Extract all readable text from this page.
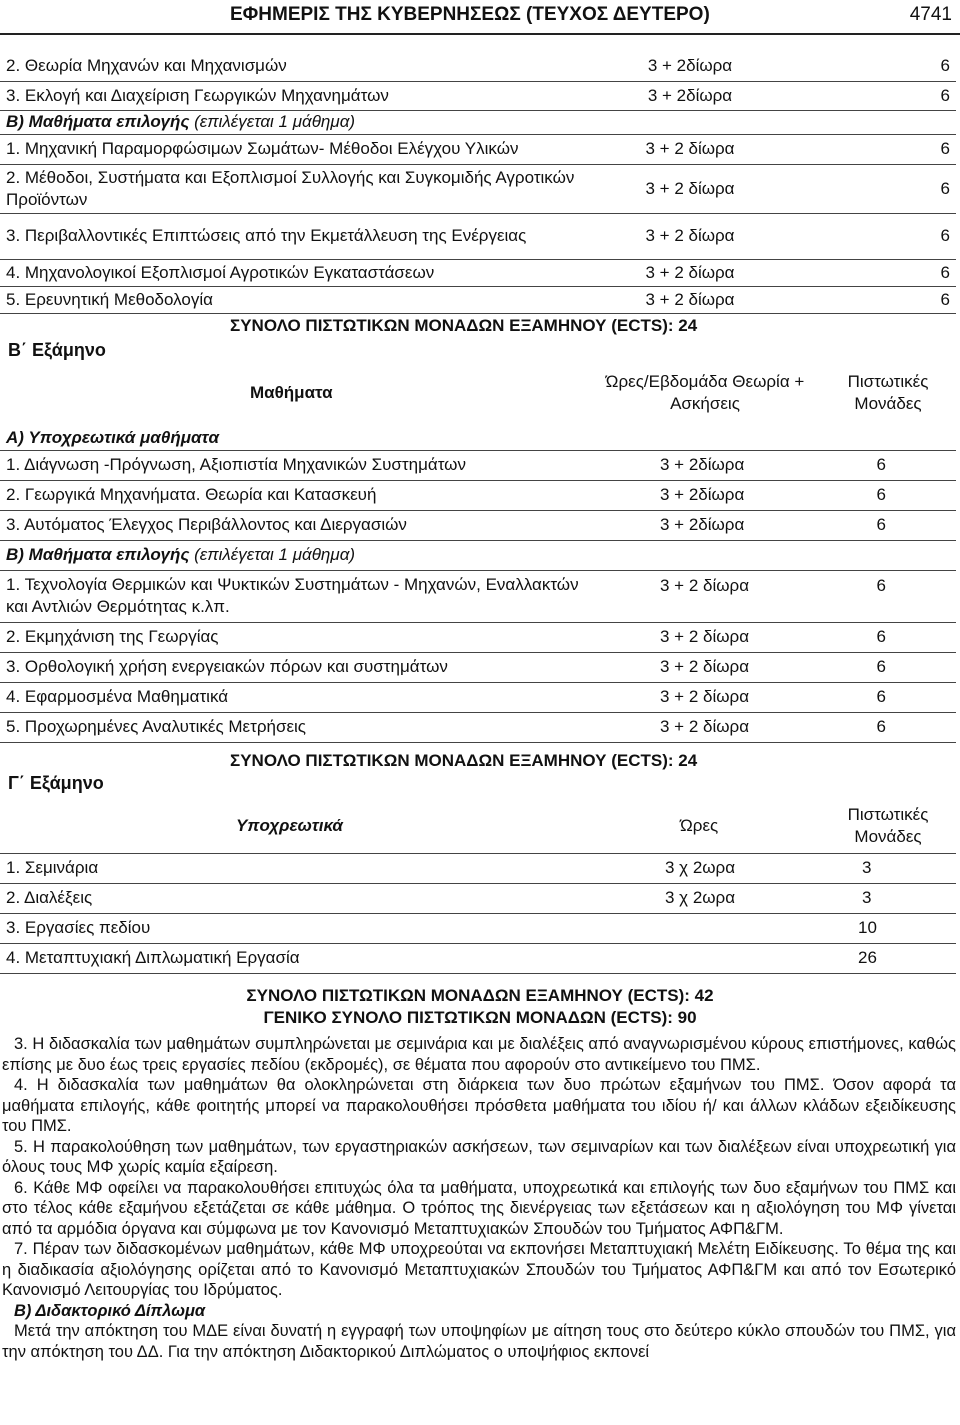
ΕΦΗΜΕΡΙΣ ΤΗΣ ΚΥΒΕΡΝΗΣΕΩΣ (ΤΕΥΧΟΣ ΔΕΥΤΕΡΟ)	4741
2. Θεωρία Μηχανών και Μηχανισμών	3 + 2δίωρα	6
3. Εκλογή και Διαχείριση Γεωργικών Μηχανημάτων	3 + 2δίωρα	6
Β) Μαθήματα επιλογής (επιλέγεται 1 μάθημα)		
1. Μηχανική Παραμορφώσιμων Σωμάτων- Μέθοδοι Ελέγχου Υλικών	3 + 2 δίωρα	6
2. Μέθοδοι, Συστήματα και Εξοπλισμοί Συλλογής και Συγκομιδής Αγροτικών Προϊόντων	3 + 2 δίωρα	6
3. Περιβαλλοντικές Επιπτώσεις από την Εκμετάλλευση της Ενέργειας	3 + 2 δίωρα	6
4. Μηχανολογικοί Εξοπλισμοί Αγροτικών Εγκαταστάσεων	3 + 2 δίωρα	6
5. Ερευνητική Μεθοδολογία	3 + 2 δίωρα	6
ΣΥΝΟΛΟ ΠΙΣΤΩΤΙΚΩΝ ΜΟΝΑΔΩΝ ΕΞΑΜΗΝΟΥ (ECTS): 24
Β΄ Εξάμηνο
Μαθήματα	Ώρες/Εβδομάδα Θεωρία + Ασκήσεις	Πιστωτικές Μονάδες
Α) Υποχρεωτικά μαθήματα		
1. Διάγνωση -Πρόγνωση, Αξιοπιστία Μηχανικών Συστημάτων	3 + 2δίωρα	6
2. Γεωργικά Μηχανήματα. Θεωρία και Κατασκευή	3 + 2δίωρα	6
3. Αυτόματος Έλεγχος Περιβάλλοντος και Διεργασιών	3 + 2δίωρα	6
Β) Μαθήματα επιλογής (επιλέγεται 1 μάθημα)		
1. Τεχνολογία Θερμικών και Ψυκτικών Συστημάτων - Μηχανών, Εναλλακτών και Αντλιών Θερμότητας κ.λπ.	3 + 2 δίωρα	6
2. Εκμηχάνιση της Γεωργίας	3 + 2 δίωρα	6
3. Ορθολογική χρήση ενεργειακών πόρων και συστημάτων	3 + 2 δίωρα	6
4. Εφαρμοσμένα Μαθηματικά	3 + 2 δίωρα	6
5. Προχωρημένες Αναλυτικές Μετρήσεις	3 + 2 δίωρα	6
ΣΥΝΟΛΟ ΠΙΣΤΩΤΙΚΩΝ ΜΟΝΑΔΩΝ ΕΞΑΜΗΝΟΥ (ECTS): 24
Γ΄ Εξάμηνο
Υποχρεωτικά	Ώρες	Πιστωτικές Μονάδες
1. Σεμινάρια	3 χ 2ωρα	3
2. Διαλέξεις	3 χ 2ωρα	3
3. Εργασίες πεδίου		10
4. Μεταπτυχιακή Διπλωματική Εργασία		26
ΣΥΝΟΛΟ ΠΙΣΤΩΤΙΚΩΝ ΜΟΝΑΔΩΝ ΕΞΑΜΗΝΟΥ (ECTS): 42
ΓΕΝΙΚΟ ΣΥΝΟΛΟ ΠΙΣΤΩΤΙΚΩΝ ΜΟΝΑΔΩΝ (ECTS): 90

3. Η διδασκαλία των μαθημάτων συμπληρώνεται με σεμινάρια και με διαλέξεις από αναγνωρισμένου κύρους επιστήμονες, καθώς επίσης με δυο έως τρεις εργασίες πεδίου (εκδρομές), σε θέματα που αφορούν στο αντικείμενο του ΠΜΣ.

4. Η διδασκαλία των μαθημάτων θα ολοκληρώνεται στη διάρκεια των δυο πρώτων εξαμήνων του ΠΜΣ. Όσον αφορά τα μαθήματα επιλογής, κάθε φοιτητής μπορεί να παρακολουθήσει πρόσθετα μαθήματα του ιδίου ή/ και άλλων κλάδων εξειδίκευσης του ΠΜΣ.

5. Η παρακολούθηση των μαθημάτων, των εργαστηριακών ασκήσεων, των σεμιναρίων και των διαλέξεων είναι υποχρεωτική για όλους τους ΜΦ χωρίς καμία εξαίρεση.

6. Κάθε ΜΦ οφείλει να παρακολουθήσει επιτυχώς όλα τα μαθήματα, υποχρεωτικά και επιλογής των δυο εξαμήνων του ΠΜΣ και στο τέλος κάθε εξαμήνου εξετάζεται σε κάθε μάθημα. Ο τρόπος της διενέργειας των εξετάσεων και η αξιολόγηση του ΜΦ γίνεται από τα αρμόδια όργανα και σύμφωνα με τον Κανονισμό Μεταπτυχιακών Σπουδών του Τμήματος ΑΦΠ&ΓΜ.

7. Πέραν των διδασκομένων μαθημάτων, κάθε ΜΦ υποχρεούται να εκπονήσει Μεταπτυχιακή Μελέτη Ειδίκευσης. Το θέμα της και η διαδικασία αξιολόγησης ορίζεται από το Κανονισμό Μεταπτυχιακών Σπουδών του Τμήματος ΑΦΠ&ΓΜ και από τον Εσωτερικό Κανονισμό Λειτουργίας του Ιδρύματος.

Β) Διδακτορικό Δίπλωμα

Μετά την απόκτηση του ΜΔΕ είναι δυνατή η εγγραφή των υποψηφίων με αίτηση τους στο δεύτερο κύκλο σπουδών του ΠΜΣ, για την απόκτηση του ΔΔ. Για την απόκτηση Διδακτορικού Διπλώματος ο υποψήφιος εκπονεί
